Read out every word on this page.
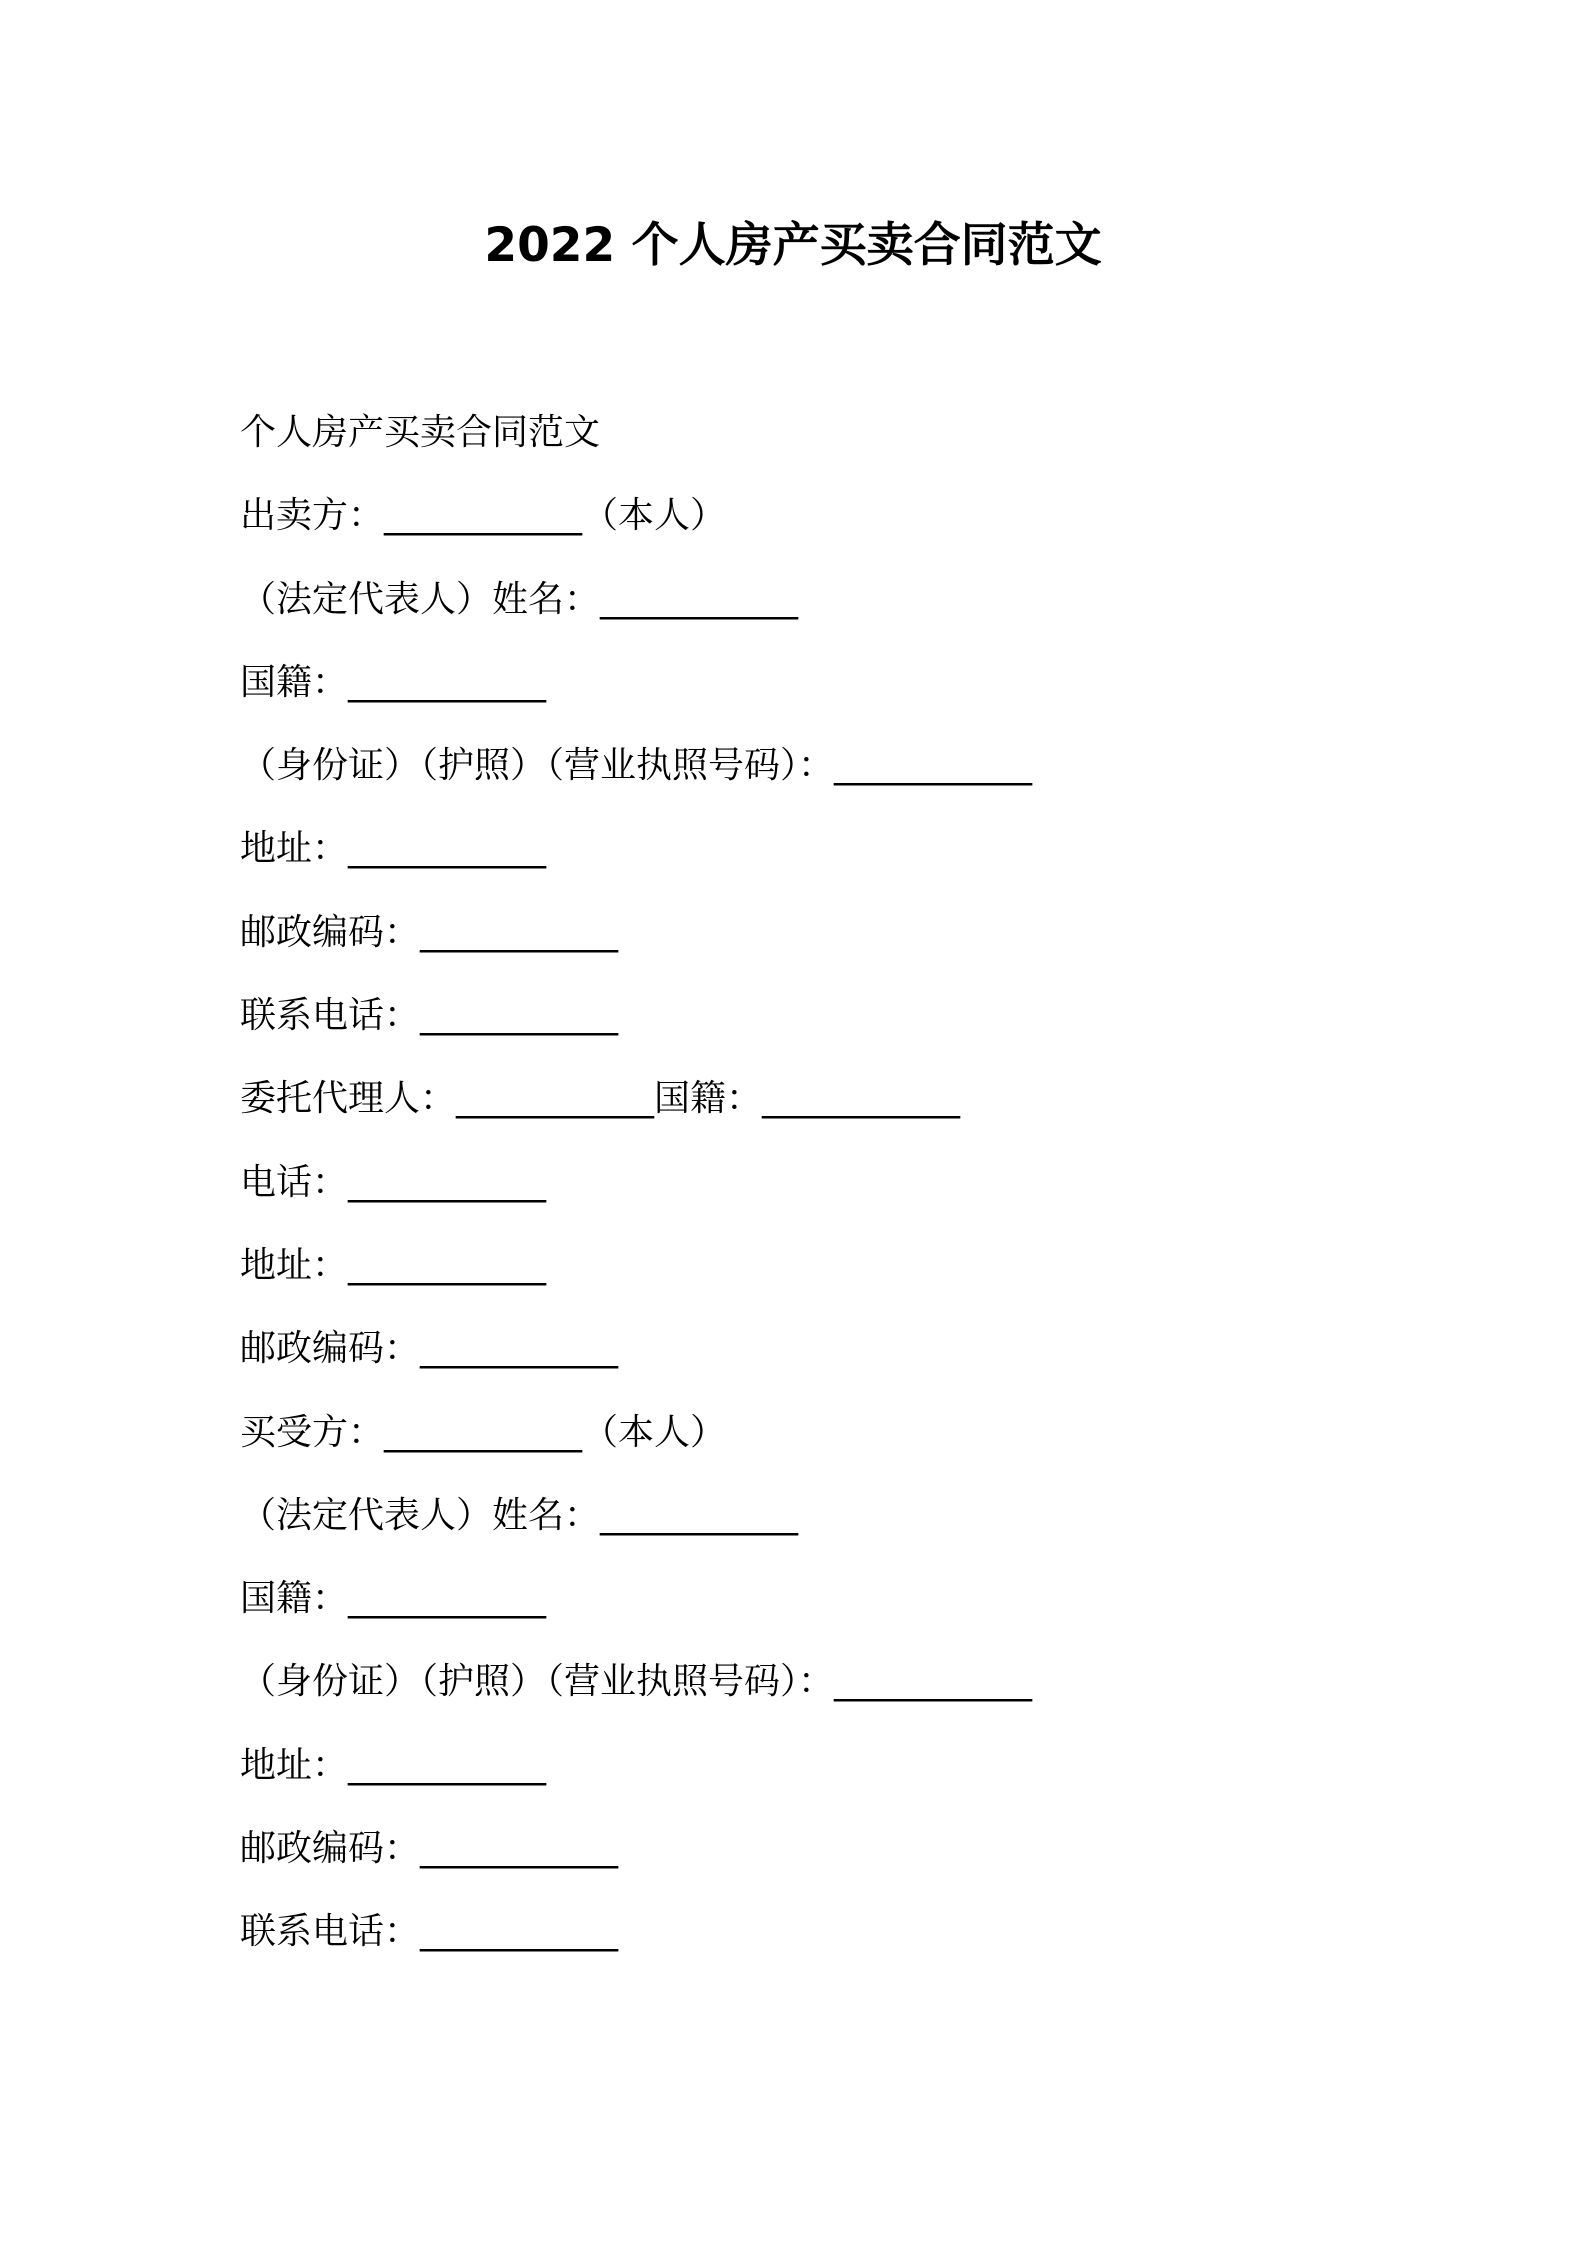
2022 个人房产买卖合同范文
个人房产买卖合同范文
出卖方：___________（本人）
（法定代表人）姓名：___________
国籍：___________
（身份证）（护照）（营业执照号码）：___________
地址：___________
邮政编码：___________
联系电话：___________
委托代理人：___________国籍：___________
电话：___________
地址：___________
邮政编码：___________
买受方：___________（本人）
（法定代表人）姓名：___________
国籍：___________
（身份证）（护照）（营业执照号码）：___________
地址：___________
邮政编码：___________
联系电话：___________
